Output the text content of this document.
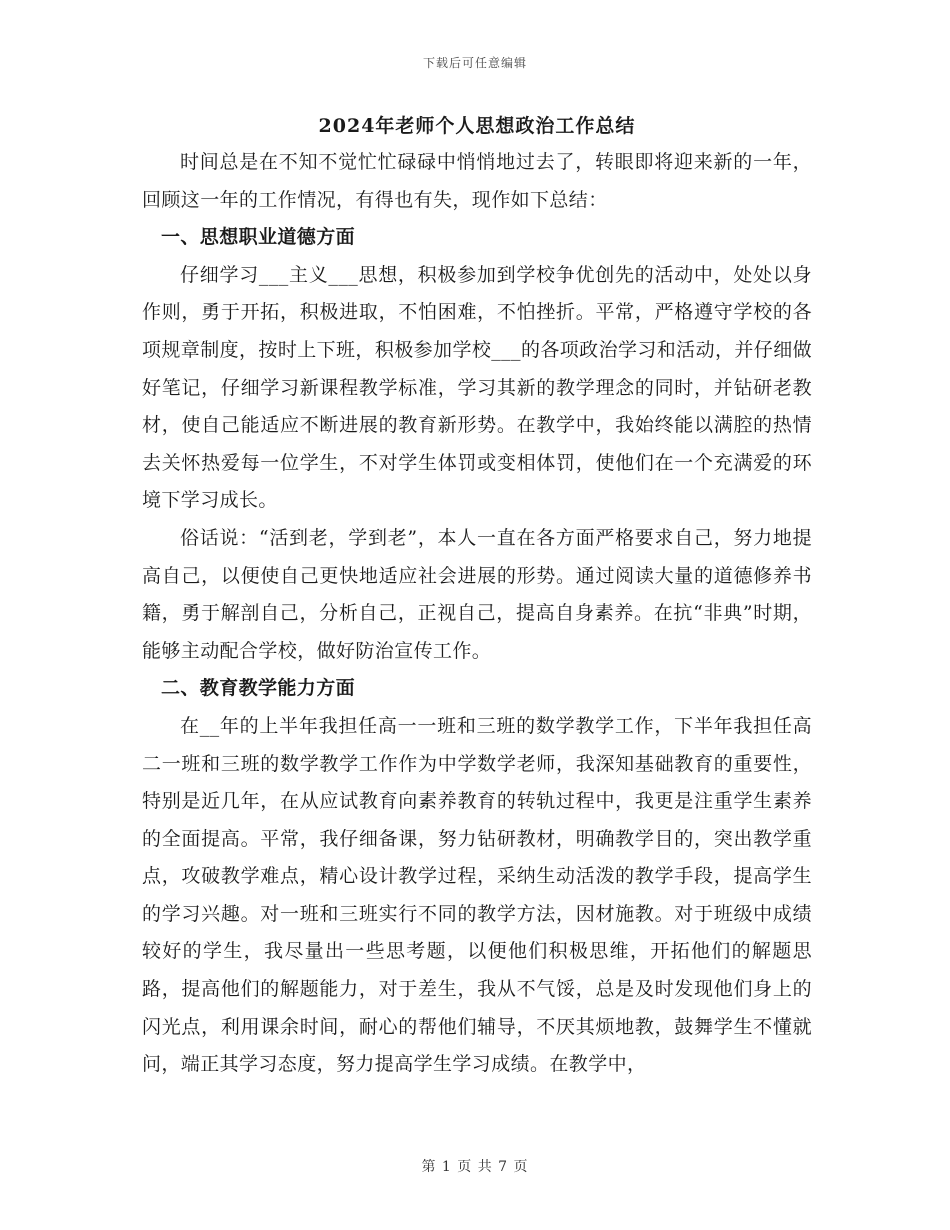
下载后可任意编辑
2024年老师个人思想政治工作总结

时间总是在不知不觉忙忙碌碌中悄悄地过去了，转眼即将迎来新的一年，回顾这一年的工作情况，有得也有失，现作如下总结：

一、思想职业道德方面

仔细学习___主义___思想，积极参加到学校争优创先的活动中，处处以身作则，勇于开拓，积极进取，不怕困难，不怕挫折。平常，严格遵守学校的各项规章制度，按时上下班，积极参加学校___的各项政治学习和活动，并仔细做好笔记，仔细学习新课程教学标准，学习其新的教学理念的同时，并钻研老教材，使自己能适应不断进展的教育新形势。在教学中，我始终能以满腔的热情去关怀热爱每一位学生，不对学生体罚或变相体罚，使他们在一个充满爱的环境下学习成长。

俗话说：“活到老，学到老”，本人一直在各方面严格要求自己，努力地提高自己，以便使自己更快地适应社会进展的形势。通过阅读大量的道德修养书籍，勇于解剖自己，分析自己，正视自己，提高自身素养。在抗“非典”时期，能够主动配合学校，做好防治宣传工作。

二、教育教学能力方面

在__年的上半年我担任高一一班和三班的数学教学工作，下半年我担任高二一班和三班的数学教学工作作为中学数学老师，我深知基础教育的重要性，特别是近几年，在从应试教育向素养教育的转轨过程中，我更是注重学生素养的全面提高。平常，我仔细备课，努力钻研教材，明确教学目的，突出教学重点，攻破教学难点，精心设计教学过程，采纳生动活泼的教学手段，提高学生的学习兴趣。对一班和三班实行不同的教学方法，因材施教。对于班级中成绩较好的学生，我尽量出一些思考题，以便他们积极思维，开拓他们的解题思路，提高他们的解题能力，对于差生，我从不气馁，总是及时发现他们身上的闪光点，利用课余时间，耐心的帮他们辅导，不厌其烦地教，鼓舞学生不懂就问，端正其学习态度，努力提高学生学习成绩。在教学中，

第 1 页 共 7 页
